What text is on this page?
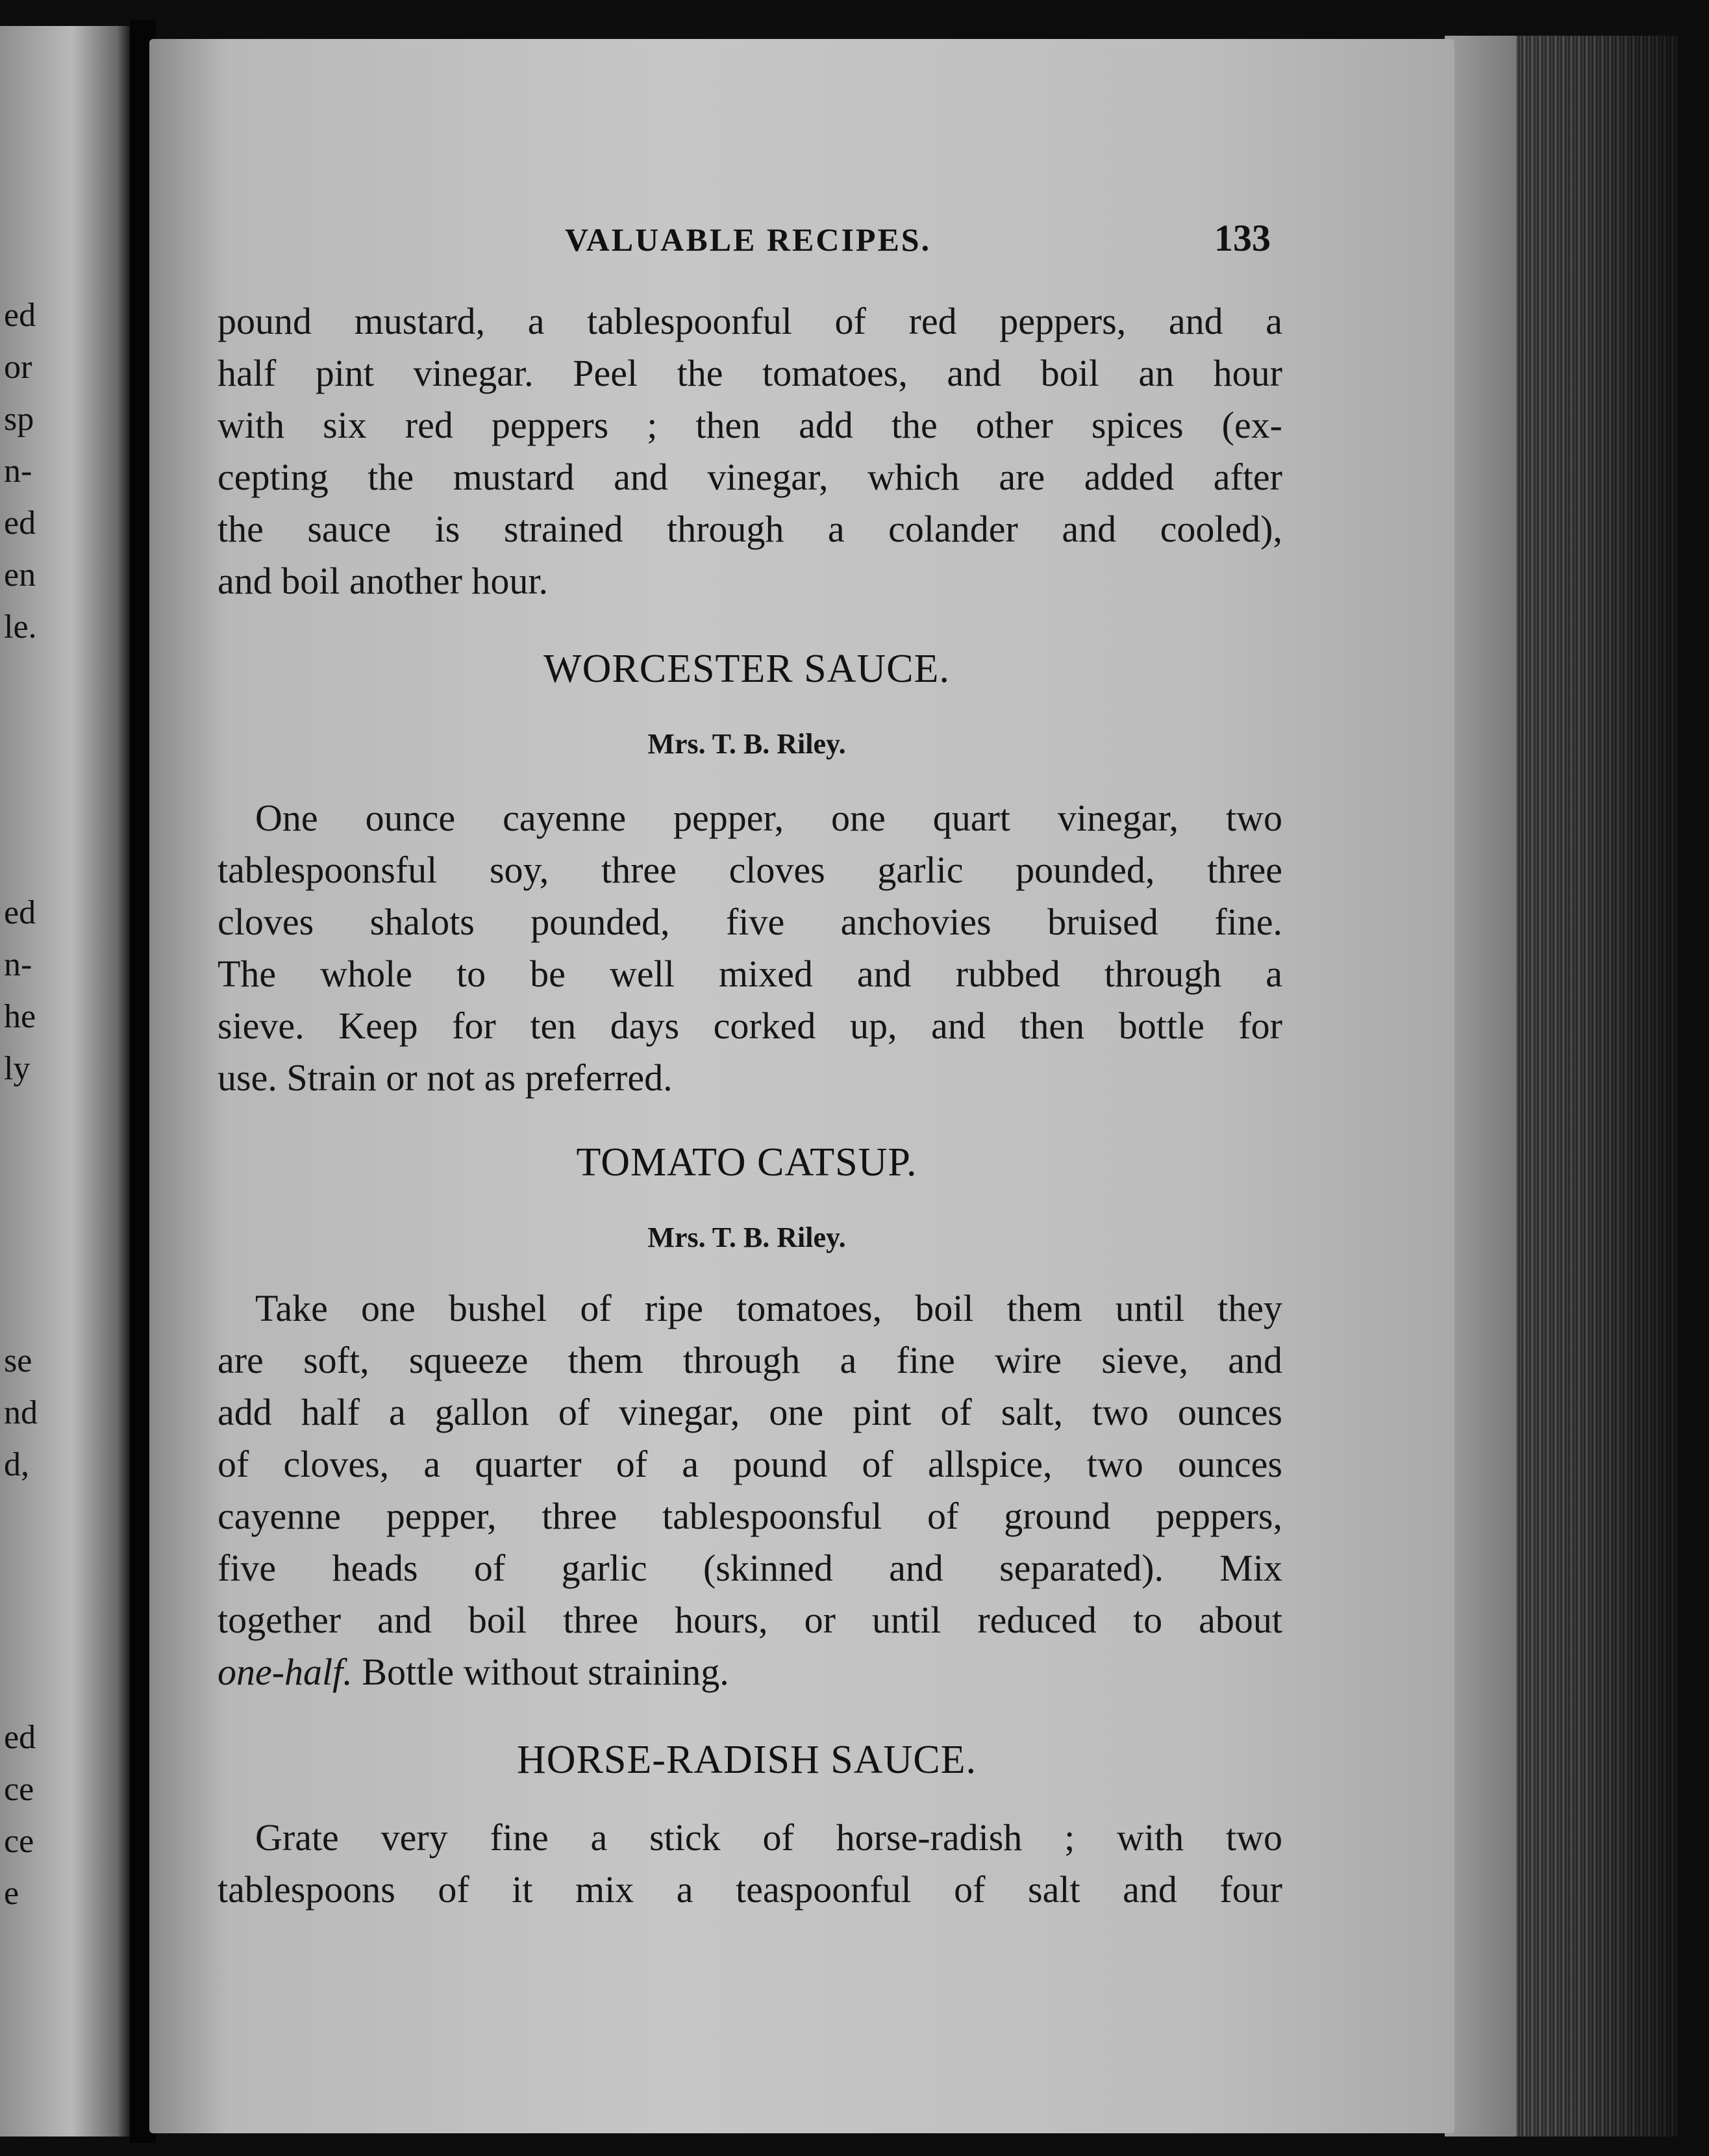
ed
or
sp
n-
ed
en
le.
ed
n-
he
ly
se
nd
d,
ed
ce
ce
e
VALUABLE RECIPES.	133
pound mustard, a tablespoonful of red peppers, and a
half pint vinegar. Peel the tomatoes, and boil an hour
with six red peppers ; then add the other spices (ex-
cepting the mustard and vinegar, which are added after
the sauce is strained through a colander and cooled),
and boil another hour.
WORCESTER SAUCE.
Mrs. T. B. Riley.
One ounce cayenne pepper, one quart vinegar, two
tablespoonsful soy, three cloves garlic pounded, three
cloves shalots pounded, five anchovies bruised fine.
The whole to be well mixed and rubbed through a
sieve. Keep for ten days corked up, and then bottle for
use. Strain or not as preferred.
TOMATO CATSUP.
Mrs. T. B. Riley.
Take one bushel of ripe tomatoes, boil them until they
are soft, squeeze them through a fine wire sieve, and
add half a gallon of vinegar, one pint of salt, two ounces
of cloves, a quarter of a pound of allspice, two ounces
cayenne pepper, three tablespoonsful of ground peppers,
five heads of garlic (skinned and separated). Mix
together and boil three hours, or until reduced to about
one-half. Bottle without straining.
HORSE-RADISH SAUCE.
Grate very fine a stick of horse-radish ; with two
tablespoons of it mix a teaspoonful of salt and four
